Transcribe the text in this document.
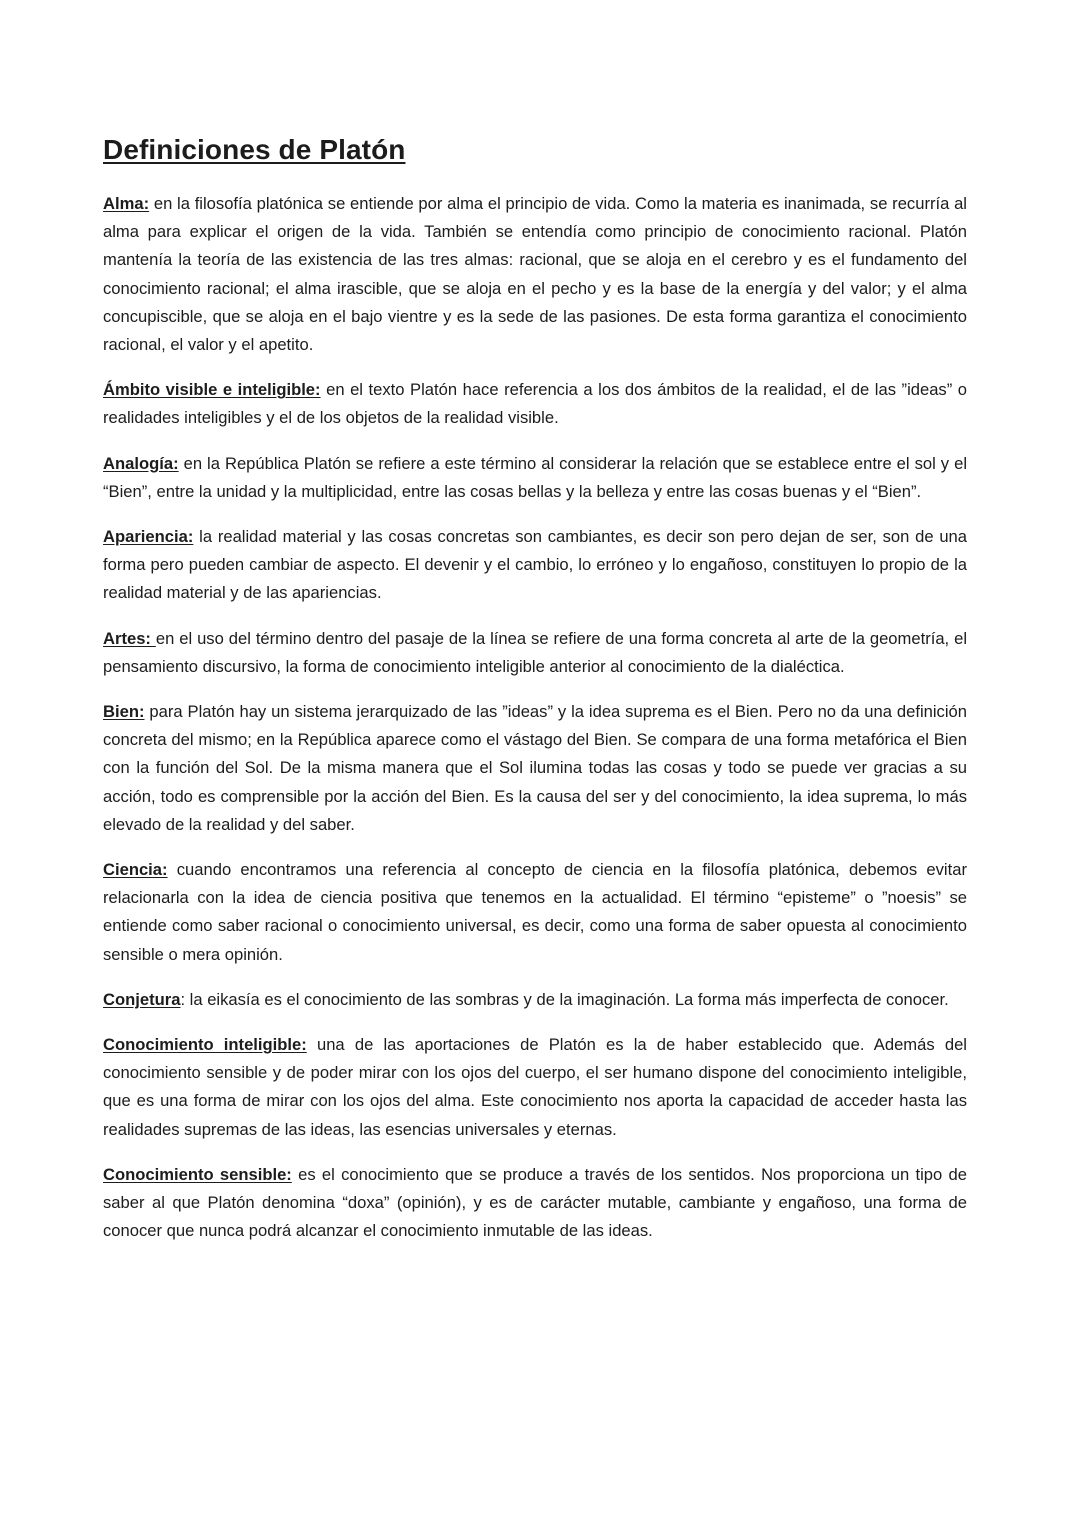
Definiciones de Platón

Alma: en la filosofía platónica se entiende por alma el principio de vida. Como la materia es inanimada, se recurría al alma para explicar el origen de la vida. También se entendía como principio de conocimiento racional. Platón mantenía la teoría de las existencia de las tres almas: racional, que se aloja en el cerebro y es el fundamento del conocimiento racional; el alma irascible, que se aloja en el pecho y es la base de la energía y del valor; y el alma concupiscible, que se aloja en el bajo vientre y es la sede de las pasiones. De esta forma garantiza el conocimiento racional, el valor y el apetito.

Ámbito visible e inteligible: en el texto Platón hace referencia a los dos ámbitos de la realidad, el de las ”ideas” o realidades inteligibles y el de los objetos de la realidad visible.

Analogía: en la República Platón se refiere a este término al considerar la relación que se establece entre el sol y el “Bien”, entre la unidad y la multiplicidad, entre las cosas bellas y la belleza y entre las cosas buenas y el “Bien”.

Apariencia: la realidad material y las cosas concretas son cambiantes, es decir son pero dejan de ser, son de una forma pero pueden cambiar de aspecto. El devenir y el cambio, lo erróneo y lo engañoso, constituyen lo propio de la realidad material y de las apariencias.

Artes: en el uso del término dentro del pasaje de la línea se refiere de una forma concreta al arte de la geometría, el pensamiento discursivo, la forma de conocimiento inteligible anterior al conocimiento de la dialéctica.

Bien: para Platón hay un sistema jerarquizado de las ”ideas” y la idea suprema es el Bien. Pero no da una definición concreta del mismo; en la República aparece como el vástago del Bien. Se compara de una forma metafórica el Bien con la función del Sol. De la misma manera que el Sol ilumina todas las cosas y todo se puede ver gracias a su acción, todo es comprensible por la acción del Bien. Es la causa del ser y del conocimiento, la idea suprema, lo más elevado de la realidad y del saber.

Ciencia: cuando encontramos una referencia al concepto de ciencia en la filosofía platónica, debemos evitar relacionarla con la idea de ciencia positiva que tenemos en la actualidad. El término “episteme” o ”noesis” se entiende como saber racional o conocimiento universal, es decir, como una forma de saber opuesta al conocimiento sensible o mera opinión.

Conjetura: la eikasía es el conocimiento de las sombras y de la imaginación. La forma más imperfecta de conocer.

Conocimiento inteligible: una de las aportaciones de Platón es la de haber establecido que. Además del conocimiento sensible y de poder mirar con los ojos del cuerpo, el ser humano dispone del conocimiento inteligible, que es una forma de mirar con los ojos del alma. Este conocimiento nos aporta la capacidad de acceder hasta las realidades supremas de las ideas, las esencias universales y eternas.

Conocimiento sensible: es el conocimiento que se produce a través de los sentidos. Nos proporciona un tipo de saber al que Platón denomina “doxa” (opinión), y es de carácter mutable, cambiante y engañoso, una forma de conocer que nunca podrá alcanzar el conocimiento inmutable de las ideas.
